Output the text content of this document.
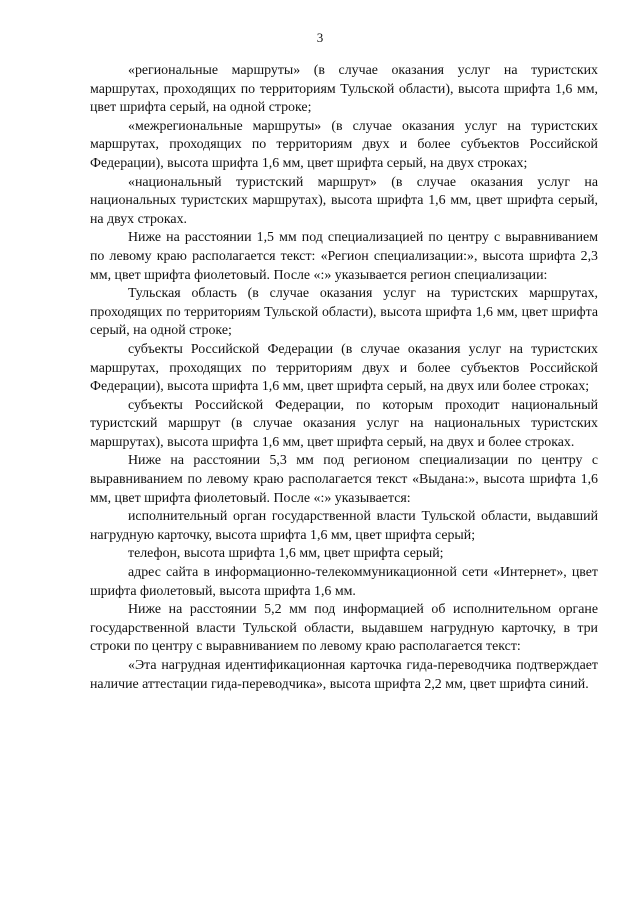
3

«региональные маршруты» (в случае оказания услуг на туристских маршрутах, проходящих по территориям Тульской области), высота шрифта 1,6 мм, цвет шрифта серый, на одной строке;

«межрегиональные маршруты» (в случае оказания услуг на туристских маршрутах, проходящих по территориям двух и более субъектов Российской Федерации), высота шрифта 1,6 мм, цвет шрифта серый, на двух строках;

«национальный туристский маршрут» (в случае оказания услуг на национальных туристских маршрутах), высота шрифта 1,6 мм, цвет шрифта серый, на двух строках.

Ниже на расстоянии 1,5 мм под специализацией по центру с выравниванием по левому краю располагается текст: «Регион специализации:», высота шрифта 2,3 мм, цвет шрифта фиолетовый. После «:» указывается регион специализации:

Тульская область (в случае оказания услуг на туристских маршрутах, проходящих по территориям Тульской области), высота шрифта 1,6 мм, цвет шрифта серый, на одной строке;

субъекты Российской Федерации (в случае оказания услуг на туристских маршрутах, проходящих по территориям двух и более субъектов Российской Федерации), высота шрифта 1,6 мм, цвет шрифта серый, на двух или более строках;

субъекты Российской Федерации, по которым проходит национальный туристский маршрут (в случае оказания услуг на национальных туристских маршрутах), высота шрифта 1,6 мм, цвет шрифта серый, на двух и более строках.

Ниже на расстоянии 5,3 мм под регионом специализации по центру с выравниванием по левому краю располагается текст «Выдана:», высота шрифта 1,6 мм, цвет шрифта фиолетовый. После «:» указывается:

исполнительный орган государственной власти Тульской области, выдавший нагрудную карточку, высота шрифта 1,6 мм, цвет шрифта серый;

телефон, высота шрифта 1,6 мм, цвет шрифта серый;

адрес сайта в информационно-телекоммуникационной сети «Интернет», цвет шрифта фиолетовый, высота шрифта 1,6 мм.

Ниже на расстоянии 5,2 мм под информацией об исполнительном органе государственной власти Тульской области, выдавшем нагрудную карточку, в три строки по центру с выравниванием по левому краю располагается текст:

«Эта нагрудная идентификационная карточка гида-переводчика подтверждает наличие аттестации гида-переводчика», высота шрифта 2,2 мм, цвет шрифта синий.
